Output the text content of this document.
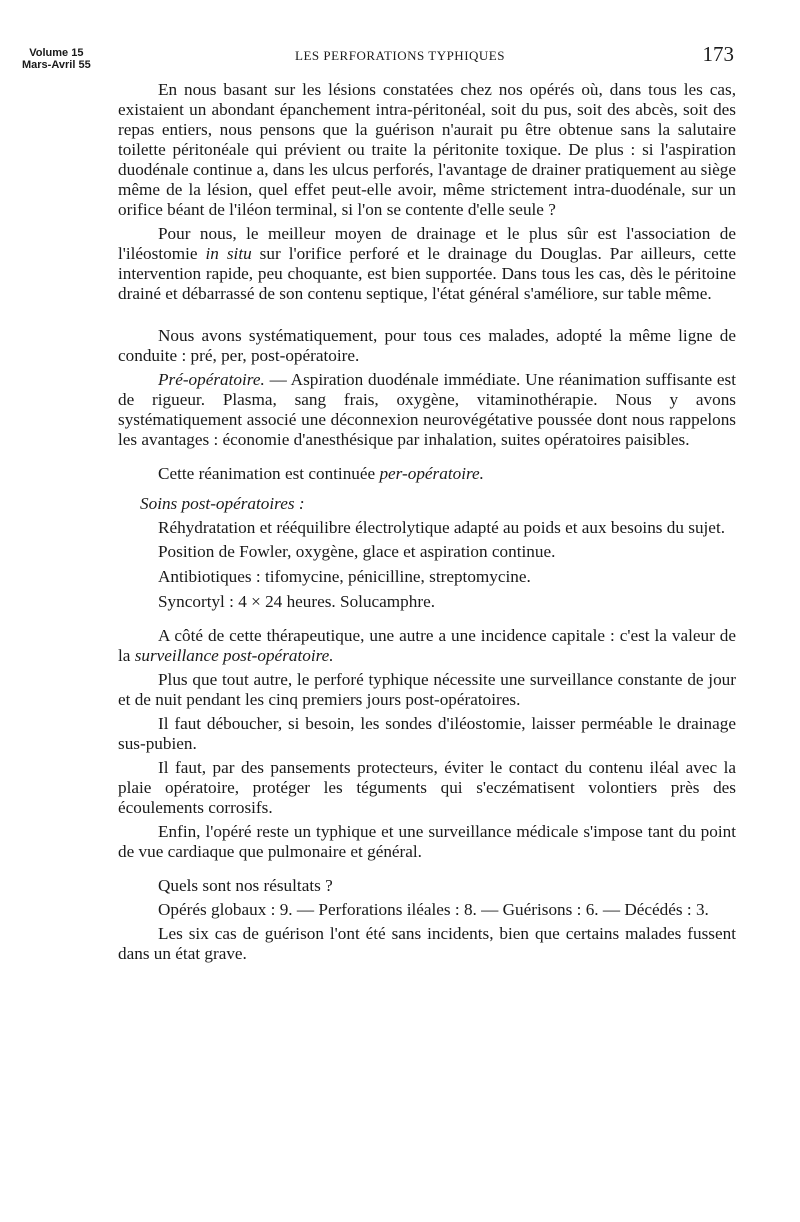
Volume 15
Mars-Avril 55
LES PERFORATIONS TYPHIQUES	173

En nous basant sur les lésions constatées chez nos opérés où, dans tous les cas, existaient un abondant épanchement intra-péritonéal, soit du pus, soit des abcès, soit des repas entiers, nous pensons que la guérison n'aurait pu être obtenue sans la salutaire toilette péritonéale qui prévient ou traite la péritonite toxique. De plus : si l'aspiration duodénale continue a, dans les ulcus perforés, l'avantage de drainer pratiquement au siège même de la lésion, quel effet peut-elle avoir, même strictement intra-duodénale, sur un orifice béant de l'iléon terminal, si l'on se contente d'elle seule ?

Pour nous, le meilleur moyen de drainage et le plus sûr est l'association de l'iléostomie in situ sur l'orifice perforé et le drainage du Douglas. Par ailleurs, cette intervention rapide, peu choquante, est bien supportée. Dans tous les cas, dès le péritoine drainé et débarrassé de son contenu septique, l'état général s'améliore, sur table même.

Nous avons systématiquement, pour tous ces malades, adopté la même ligne de conduite : pré, per, post-opératoire.

Pré-opératoire. — Aspiration duodénale immédiate. Une réanimation suffisante est de rigueur. Plasma, sang frais, oxygène, vitaminothérapie. Nous y avons systématiquement associé une déconnexion neurovégétative poussée dont nous rappelons les avantages : économie d'anesthésique par inhalation, suites opératoires paisibles.

Cette réanimation est continuée per-opératoire.

Soins post-opératoires :

Réhydratation et rééquilibre électrolytique adapté au poids et aux besoins du sujet.

Position de Fowler, oxygène, glace et aspiration continue.

Antibiotiques : tifomycine, pénicilline, streptomycine.

Syncortyl : 4 × 24 heures. Solucamphre.

A côté de cette thérapeutique, une autre a une incidence capitale : c'est la valeur de la surveillance post-opératoire.

Plus que tout autre, le perforé typhique nécessite une surveillance constante de jour et de nuit pendant les cinq premiers jours post-opératoires.

Il faut déboucher, si besoin, les sondes d'iléostomie, laisser perméable le drainage sus-pubien.

Il faut, par des pansements protecteurs, éviter le contact du contenu iléal avec la plaie opératoire, protéger les téguments qui s'eczématisent volontiers près des écoulements corrosifs.

Enfin, l'opéré reste un typhique et une surveillance médicale s'impose tant du point de vue cardiaque que pulmonaire et général.

Quels sont nos résultats ?

Opérés globaux : 9. — Perforations iléales : 8. — Guérisons : 6. — Décédés : 3.

Les six cas de guérison l'ont été sans incidents, bien que certains malades fussent dans un état grave.
